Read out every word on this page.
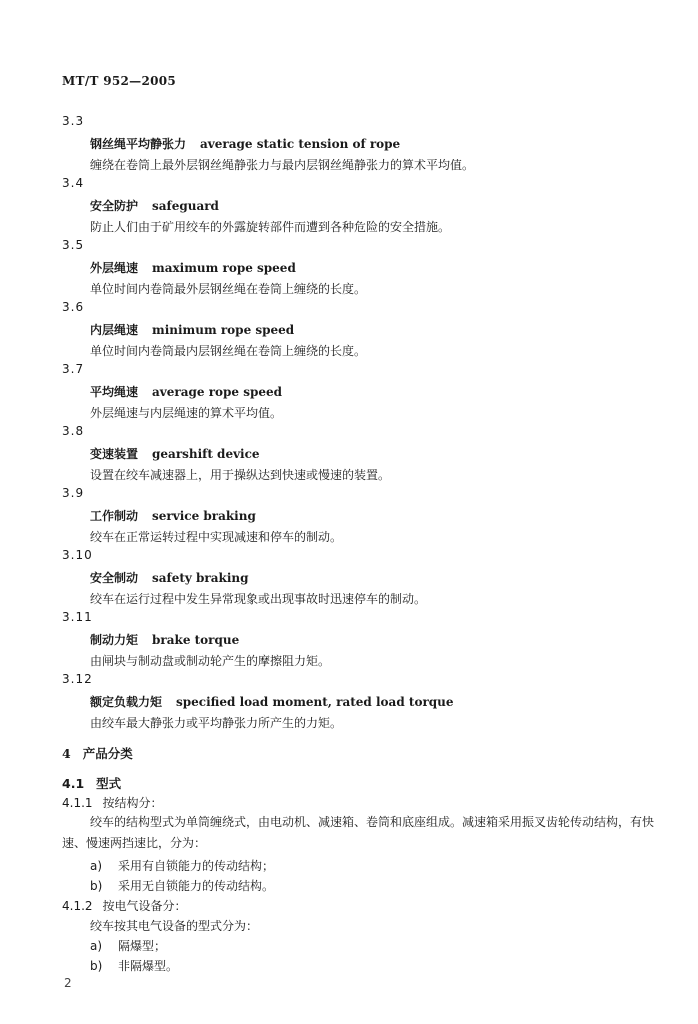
MT/T 952—2005
3.3
钢丝绳平均静张力 average static tension of rope
缠绕在卷筒上最外层钢丝绳静张力与最内层钢丝绳静张力的算术平均值。
3.4
安全防护 safeguard
防止人们由于矿用绞车的外露旋转部件而遭到各种危险的安全措施。
3.5
外层绳速 maximum rope speed
单位时间内卷筒最外层钢丝绳在卷筒上缠绕的长度。
3.6
内层绳速 minimum rope speed
单位时间内卷筒最内层钢丝绳在卷筒上缠绕的长度。
3.7
平均绳速 average rope speed
外层绳速与内层绳速的算术平均值。
3.8
变速装置 gearshift device
设置在绞车减速器上，用于操纵达到快速或慢速的装置。
3.9
工作制动 service braking
绞车在正常运转过程中实现减速和停车的制动。
3.10
安全制动 safety braking
绞车在运行过程中发生异常现象或出现事故时迅速停车的制动。
3.11
制动力矩 brake torque
由闸块与制动盘或制动轮产生的摩擦阻力矩。
3.12
额定负载力矩 specified load moment, rated load torque
由绞车最大静张力或平均静张力所产生的力矩。
4 产品分类
4.1 型式
4.1.1 按结构分：
绞车的结构型式为单筒缠绕式，由电动机、减速箱、卷筒和底座组成。减速箱采用振叉齿轮传动结构，有快速、慢速两挡速比，分为：
a) 采用有自锁能力的传动结构；
b) 采用无自锁能力的传动结构。
4.1.2 按电气设备分：
绞车按其电气设备的型式分为：
a) 隔爆型；
b) 非隔爆型。
2
